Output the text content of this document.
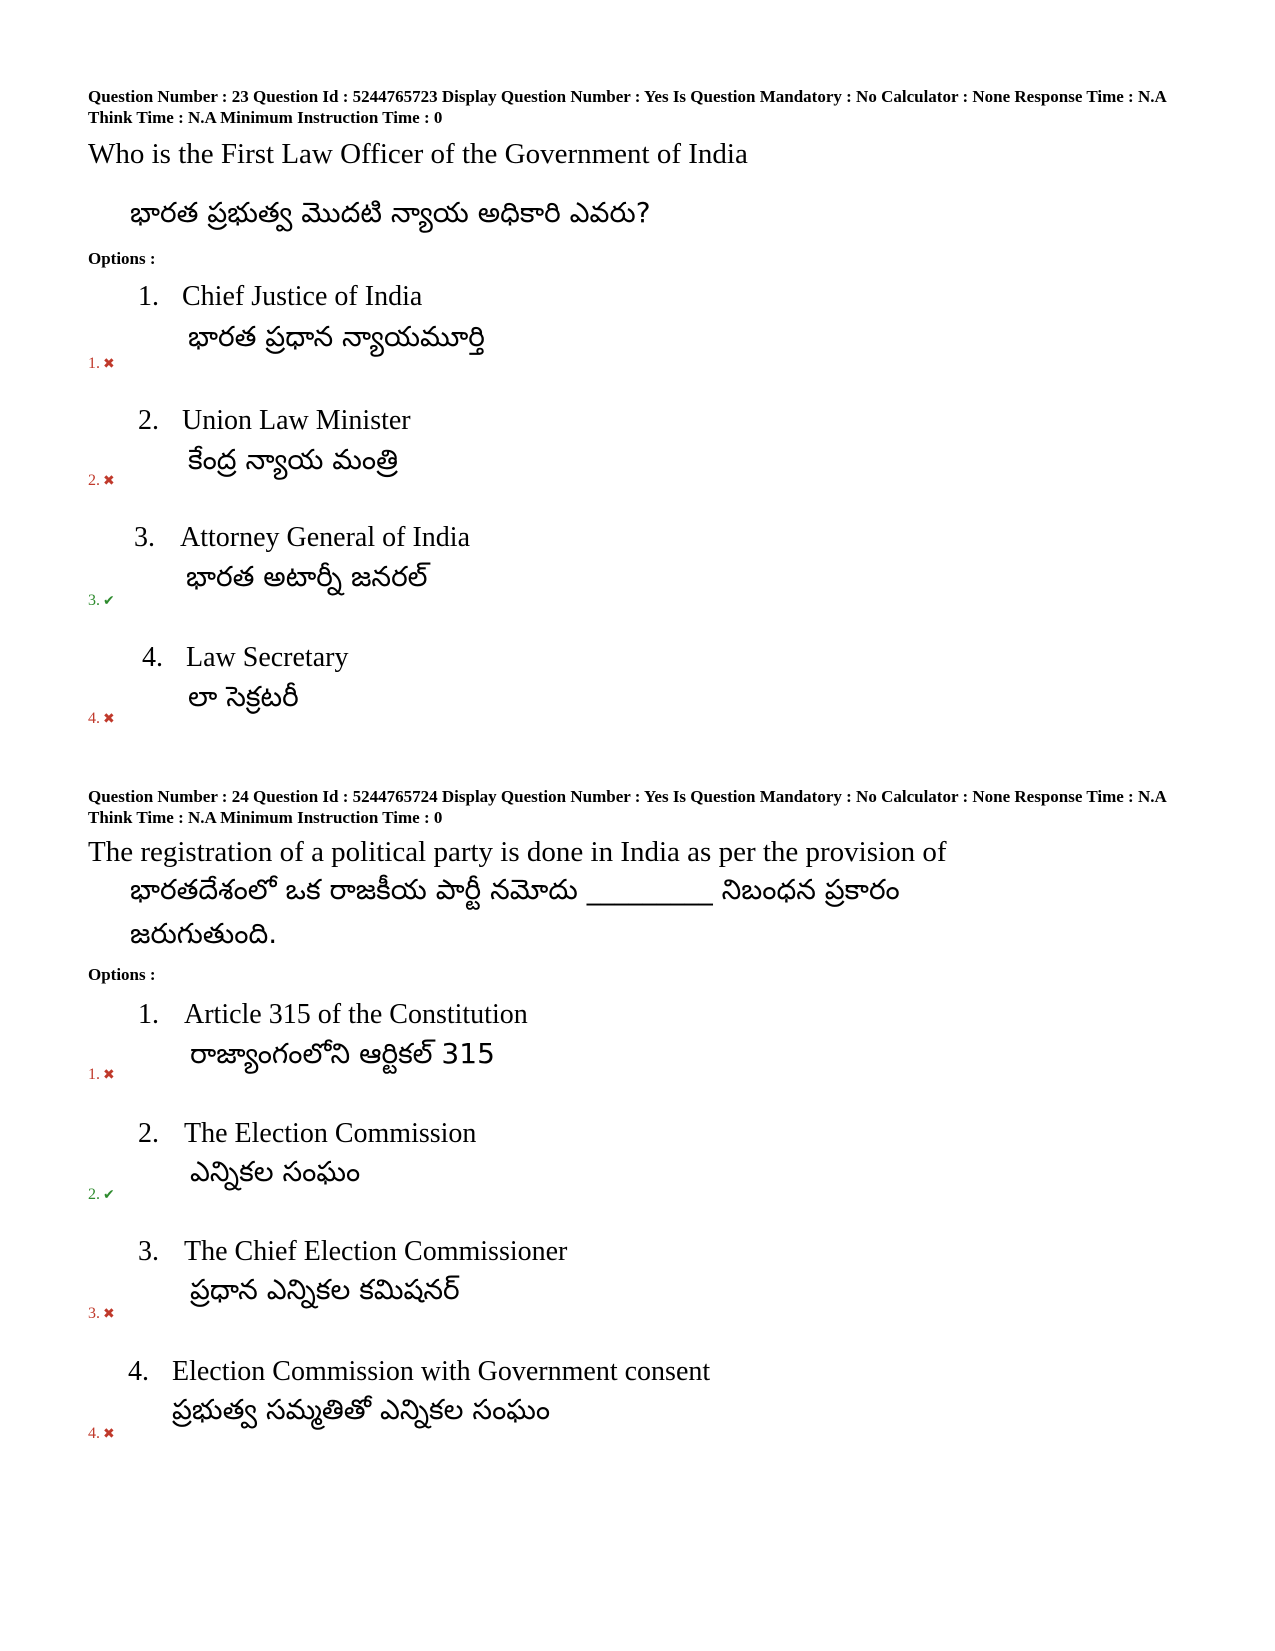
Question Number : 23 Question Id : 5244765723 Display Question Number : Yes Is Question Mandatory : No Calculator : None Response Time : N.A Think Time : N.A Minimum Instruction Time : 0
Who is the First Law Officer of the Government of India
భారత ప్రభుత్వ మొదటి న్యాయ అధికారి ఎవరు?
Options :
1. Chief Justice of India
భారత ప్రధాన న్యాయమూర్తి
1. ✖
2. Union Law Minister
కేంద్ర న్యాయ మంత్రి
2. ✖
3. Attorney General of India
భారత అటార్నీ జనరల్
3. ✔
4. Law Secretary
లా సెక్రటరీ
4. ✖
Question Number : 24 Question Id : 5244765724 Display Question Number : Yes Is Question Mandatory : No Calculator : None Response Time : N.A Think Time : N.A Minimum Instruction Time : 0
The registration of a political party is done in India as per the provision of
భారతదేశంలో ఒక రాజకీయ పార్టీ నమోదు _________ నిబంధన ప్రకారం
జరుగుతుంది.
Options :
1. Article 315 of the Constitution
రాజ్యాంగంలోని ఆర్టికల్ 315
1. ✖
2. The Election Commission
ఎన్నికల సంఘం
2. ✔
3. The Chief Election Commissioner
ప్రధాన ఎన్నికల కమిషనర్
3. ✖
4. Election Commission with Government consent
ప్రభుత్వ సమ్మతితో ఎన్నికల సంఘం
4. ✖
